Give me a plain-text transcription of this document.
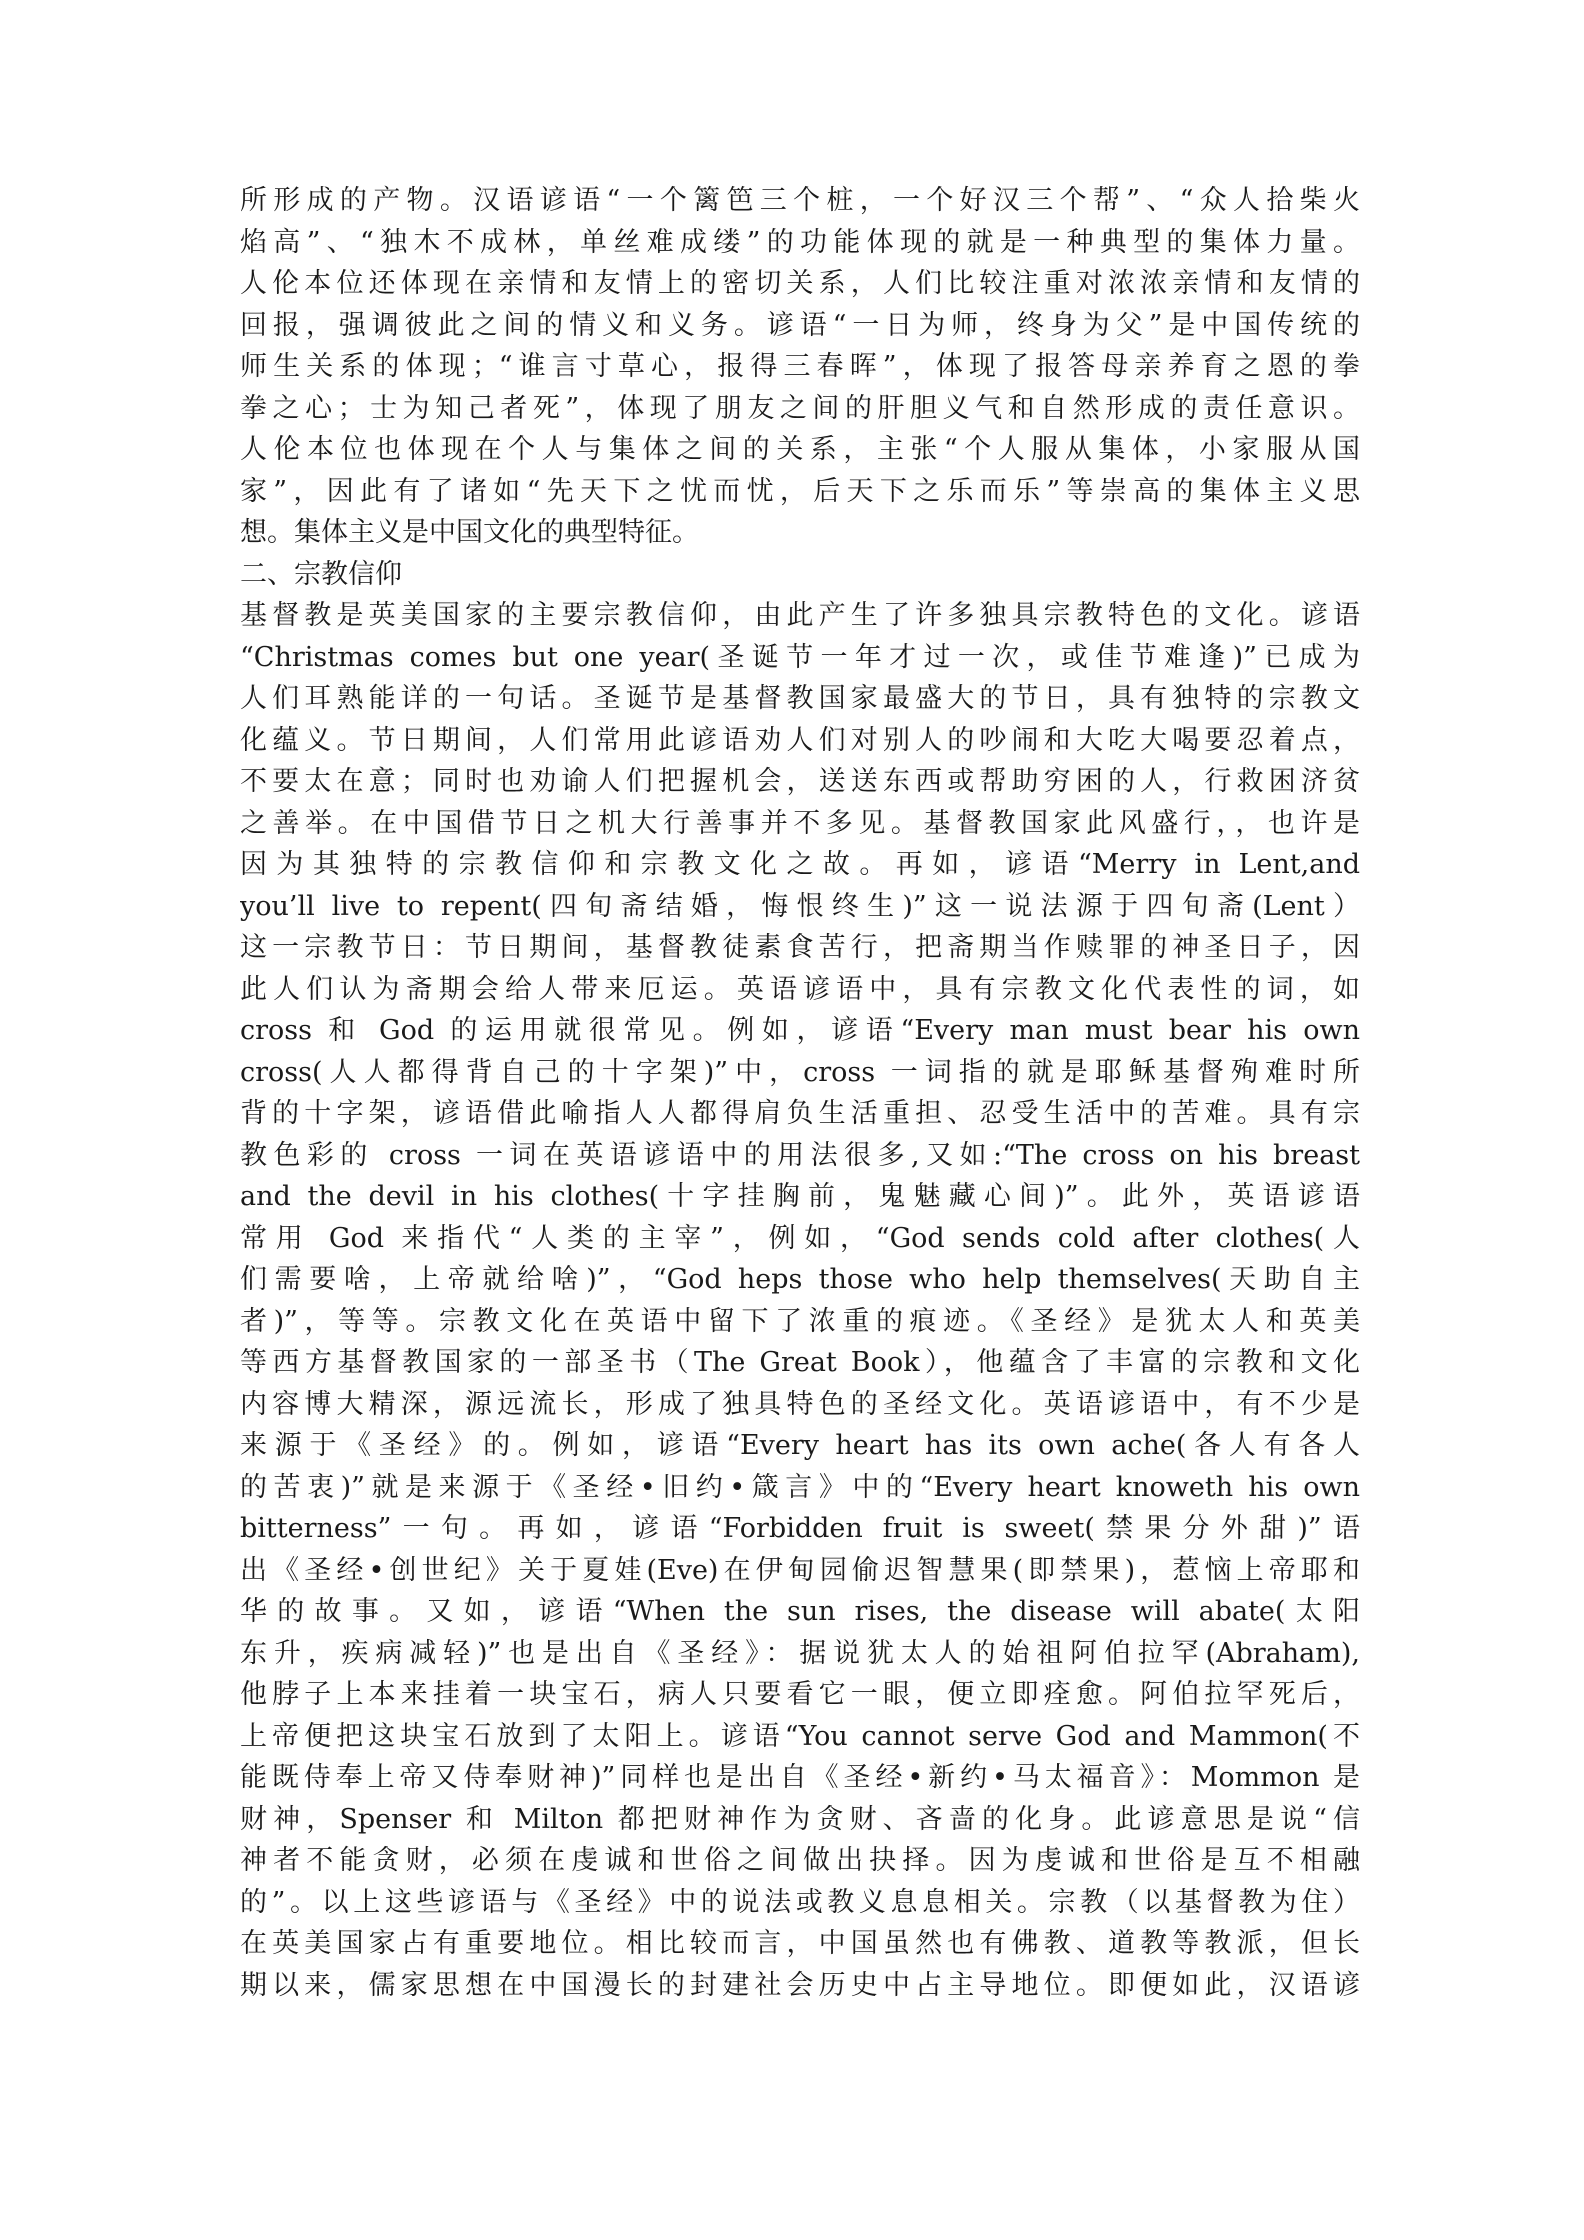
所形成的产物。汉语谚语“一个篱笆三个桩，一个好汉三个帮”、“众人拾柴火
焰高”、“独木不成林，单丝难成缕”的功能体现的就是一种典型的集体力量。
人伦本位还体现在亲情和友情上的密切关系，人们比较注重对浓浓亲情和友情的
回报，强调彼此之间的情义和义务。谚语“一日为师，终身为父”是中国传统的
师生关系的体现；“谁言寸草心，报得三春晖”，体现了报答母亲养育之恩的拳
拳之心；士为知己者死”，体现了朋友之间的肝胆义气和自然形成的责任意识。
人伦本位也体现在个人与集体之间的关系，主张“个人服从集体，小家服从国
家”，因此有了诸如“先天下之忧而忧，后天下之乐而乐”等崇高的集体主义思
想。集体主义是中国文化的典型特征。
二、宗教信仰
基督教是英美国家的主要宗教信仰，由此产生了许多独具宗教特色的文化。谚语
“Christmas comes but one year(圣诞节一年才过一次，或佳节难逢)”已成为
人们耳熟能详的一句话。圣诞节是基督教国家最盛大的节日，具有独特的宗教文
化蕴义。节日期间，人们常用此谚语劝人们对别人的吵闹和大吃大喝要忍着点，
不要太在意；同时也劝谕人们把握机会，送送东西或帮助穷困的人，行救困济贫
之善举。在中国借节日之机大行善事并不多见。基督教国家此风盛行，，也许是
因为其独特的宗教信仰和宗教文化之故。再如，谚语“Merry in Lent,and
you’ll live to repent(四旬斋结婚，悔恨终生)”这一说法源于四旬斋(Lent）
这一宗教节日：节日期间，基督教徒素食苦行，把斋期当作赎罪的神圣日子，因
此人们认为斋期会给人带来厄运。英语谚语中，具有宗教文化代表性的词，如
cross 和 God 的运用就很常见。例如，谚语“Every man must bear his own
cross(人人都得背自己的十字架)”中，cross 一词指的就是耶稣基督殉难时所
背的十字架，谚语借此喻指人人都得肩负生活重担、忍受生活中的苦难。具有宗
教色彩的 cross 一词在英语谚语中的用法很多,又如:“The cross on his breast
and the devil in his clothes(十字挂胸前，鬼魅藏心间)”。此外，英语谚语
常用 God 来指代“人类的主宰”，例如，“God sends cold after clothes(人
们需要啥，上帝就给啥)”，“God heps those who help themselves(天助自主
者)”，等等。宗教文化在英语中留下了浓重的痕迹。《圣经》是犹太人和英美
等西方基督教国家的一部圣书（The Great Book），他蕴含了丰富的宗教和文化
内容博大精深，源远流长，形成了独具特色的圣经文化。英语谚语中，有不少是
来源于《圣经》的。例如，谚语“Every heart has its own ache(各人有各人
的苦衷)”就是来源于《圣经•旧约•箴言》中的“Every heart knoweth his own
bitterness”一句。再如，谚语“Forbidden fruit is sweet(禁果分外甜)”语
出《圣经•创世纪》关于夏娃(Eve)在伊甸园偷迟智慧果(即禁果)，惹恼上帝耶和
华的故事。又如，谚语“When the sun rises, the disease will abate(太阳
东升，疾病减轻)”也是出自《圣经》：据说犹太人的始祖阿伯拉罕(Abraham),
他脖子上本来挂着一块宝石，病人只要看它一眼，便立即痊愈。阿伯拉罕死后，
上帝便把这块宝石放到了太阳上。谚语“You cannot serve God and Mammon(不
能既侍奉上帝又侍奉财神)”同样也是出自《圣经•新约•马太福音》：Mommon 是
财神，Spenser 和 Milton 都把财神作为贪财、吝啬的化身。此谚意思是说“信
神者不能贪财，必须在虔诚和世俗之间做出抉择。因为虔诚和世俗是互不相融
的”。以上这些谚语与《圣经》中的说法或教义息息相关。宗教（以基督教为住）
在英美国家占有重要地位。相比较而言，中国虽然也有佛教、道教等教派，但长
期以来，儒家思想在中国漫长的封建社会历史中占主导地位。即便如此，汉语谚
